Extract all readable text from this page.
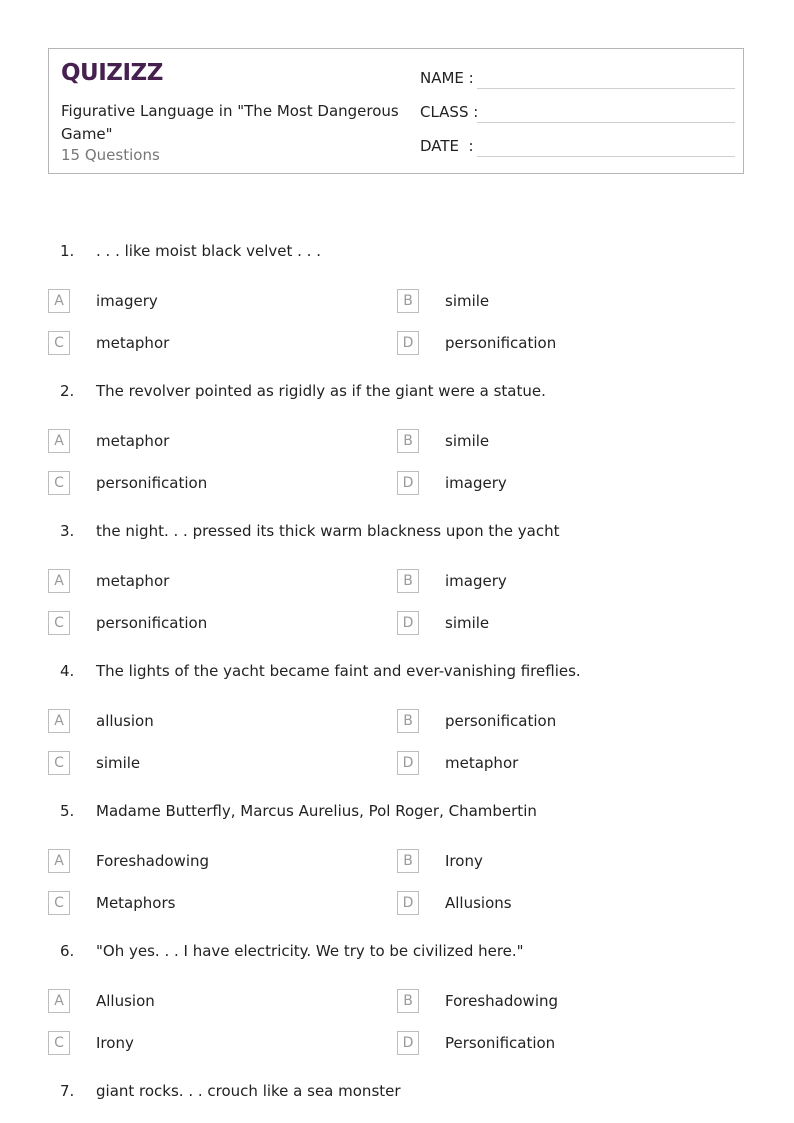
QUIZIZZ
Figurative Language in "The Most Dangerous Game"
15 Questions
NAME :
CLASS :
DATE  :
1. . . . like moist black velvet . . .
A	imagery	B	simile
C	metaphor	D	personification
2. The revolver pointed as rigidly as if the giant were a statue.
A	metaphor	B	simile
C	personification	D	imagery
3. the night. . . pressed its thick warm blackness upon the yacht
A	metaphor	B	imagery
C	personification	D	simile
4. The lights of the yacht became faint and ever-vanishing fireflies.
A	allusion	B	personification
C	simile	D	metaphor
5. Madame Butterfly, Marcus Aurelius, Pol Roger, Chambertin
A	Foreshadowing	B	Irony
C	Metaphors	D	Allusions
6. "Oh yes. . . I have electricity. We try to be civilized here."
A	Allusion	B	Foreshadowing
C	Irony	D	Personification
7. giant rocks. . . crouch like a sea monster
